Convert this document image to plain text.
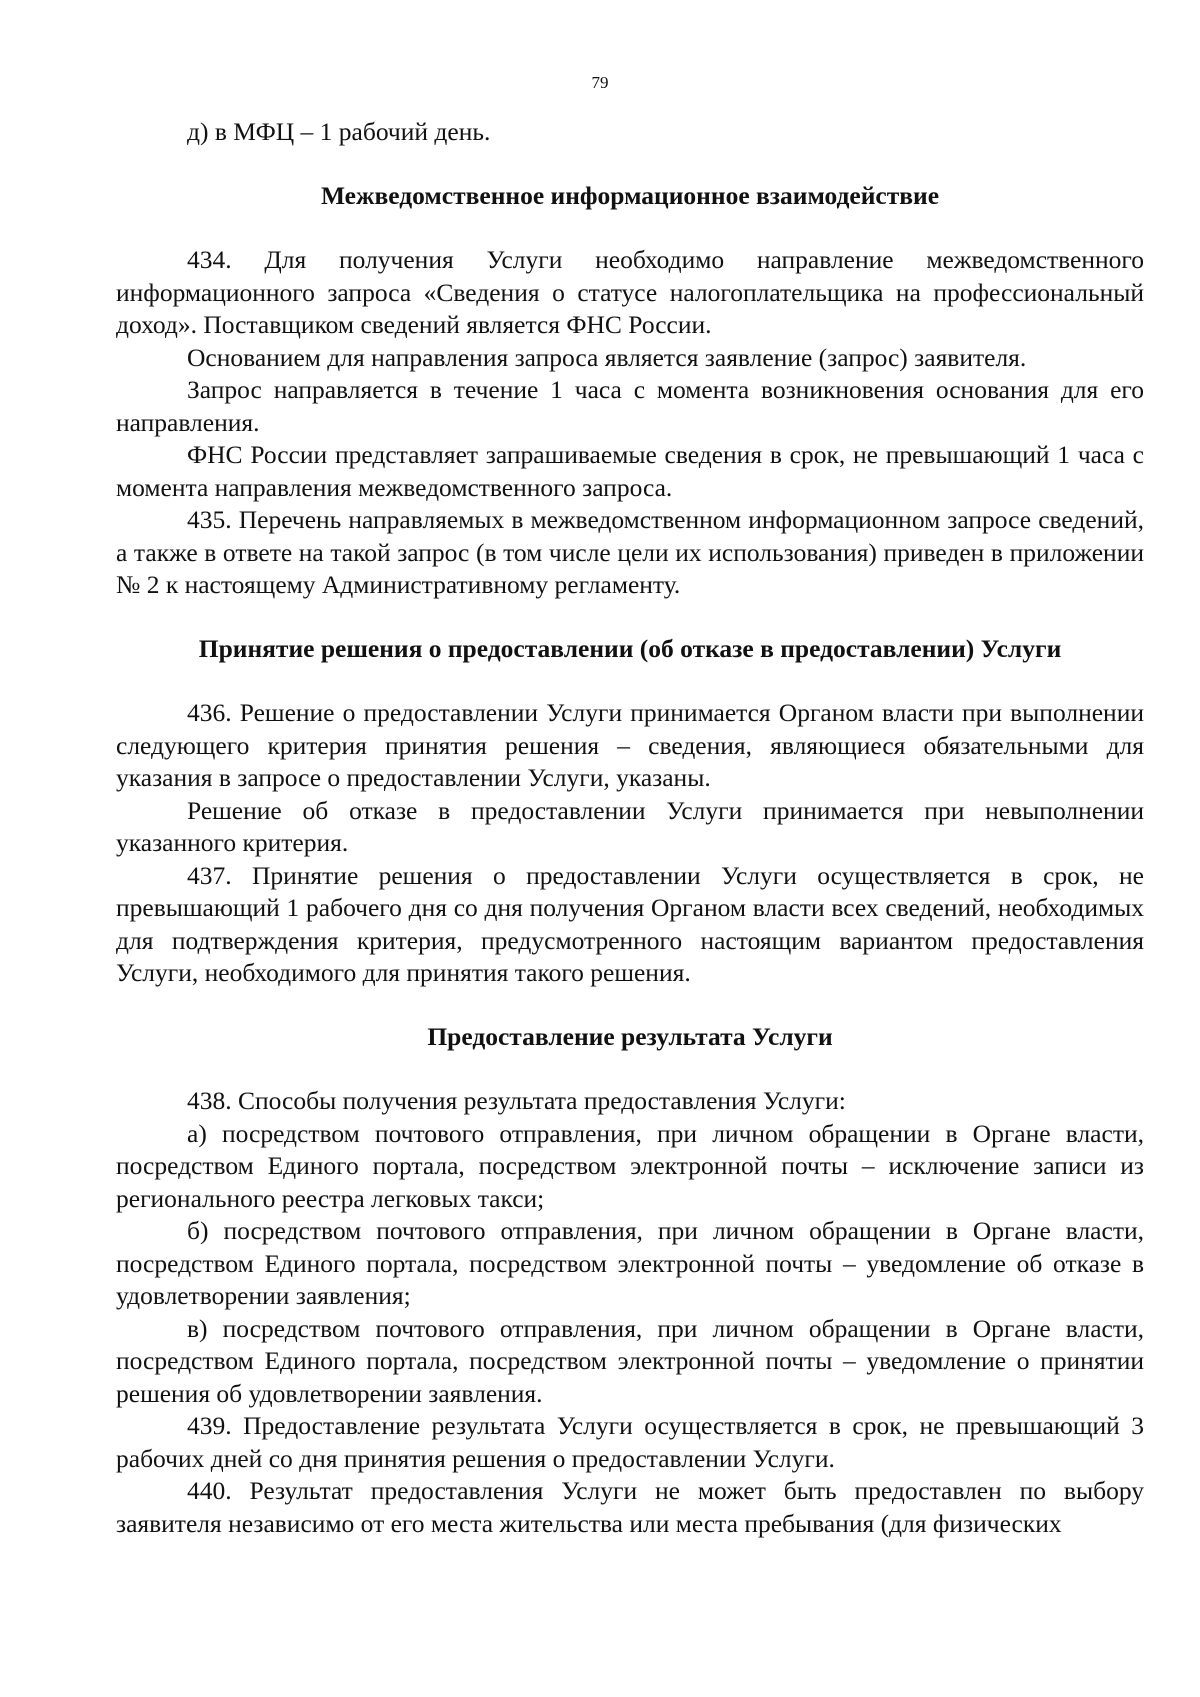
79

д) в МФЦ – 1 рабочий день.

Межведомственное информационное взаимодействие

434. Для получения Услуги необходимо направление межведомственного информационного запроса «Сведения о статусе налогоплательщика на профессиональный доход». Поставщиком сведений является ФНС России.

Основанием для направления запроса является заявление (запрос) заявителя.

Запрос направляется в течение 1 часа с момента возникновения основания для его направления.

ФНС России представляет запрашиваемые сведения в срок, не превышающий 1 часа с момента направления межведомственного запроса.

435. Перечень направляемых в межведомственном информационном запросе сведений, а также в ответе на такой запрос (в том числе цели их использования) приведен в приложении № 2 к настоящему Административному регламенту.

Принятие решения о предоставлении (об отказе в предоставлении) Услуги

436. Решение о предоставлении Услуги принимается Органом власти при выполнении следующего критерия принятия решения – сведения, являющиеся обязательными для указания в запросе о предоставлении Услуги, указаны.

Решение об отказе в предоставлении Услуги принимается при невыполнении указанного критерия.

437. Принятие решения о предоставлении Услуги осуществляется в срок, не превышающий 1 рабочего дня со дня получения Органом власти всех сведений, необходимых для подтверждения критерия, предусмотренного настоящим вариантом предоставления Услуги, необходимого для принятия такого решения.

Предоставление результата Услуги

438. Способы получения результата предоставления Услуги:

а) посредством почтового отправления, при личном обращении в Органе власти, посредством Единого портала, посредством электронной почты – исключение записи из регионального реестра легковых такси;

б) посредством почтового отправления, при личном обращении в Органе власти, посредством Единого портала, посредством электронной почты – уведомление об отказе в удовлетворении заявления;

в) посредством почтового отправления, при личном обращении в Органе власти, посредством Единого портала, посредством электронной почты – уведомление о принятии решения об удовлетворении заявления.

439. Предоставление результата Услуги осуществляется в срок, не превышающий 3 рабочих дней со дня принятия решения о предоставлении Услуги.

440. Результат предоставления Услуги не может быть предоставлен по выбору заявителя независимо от его места жительства или места пребывания (для физических
